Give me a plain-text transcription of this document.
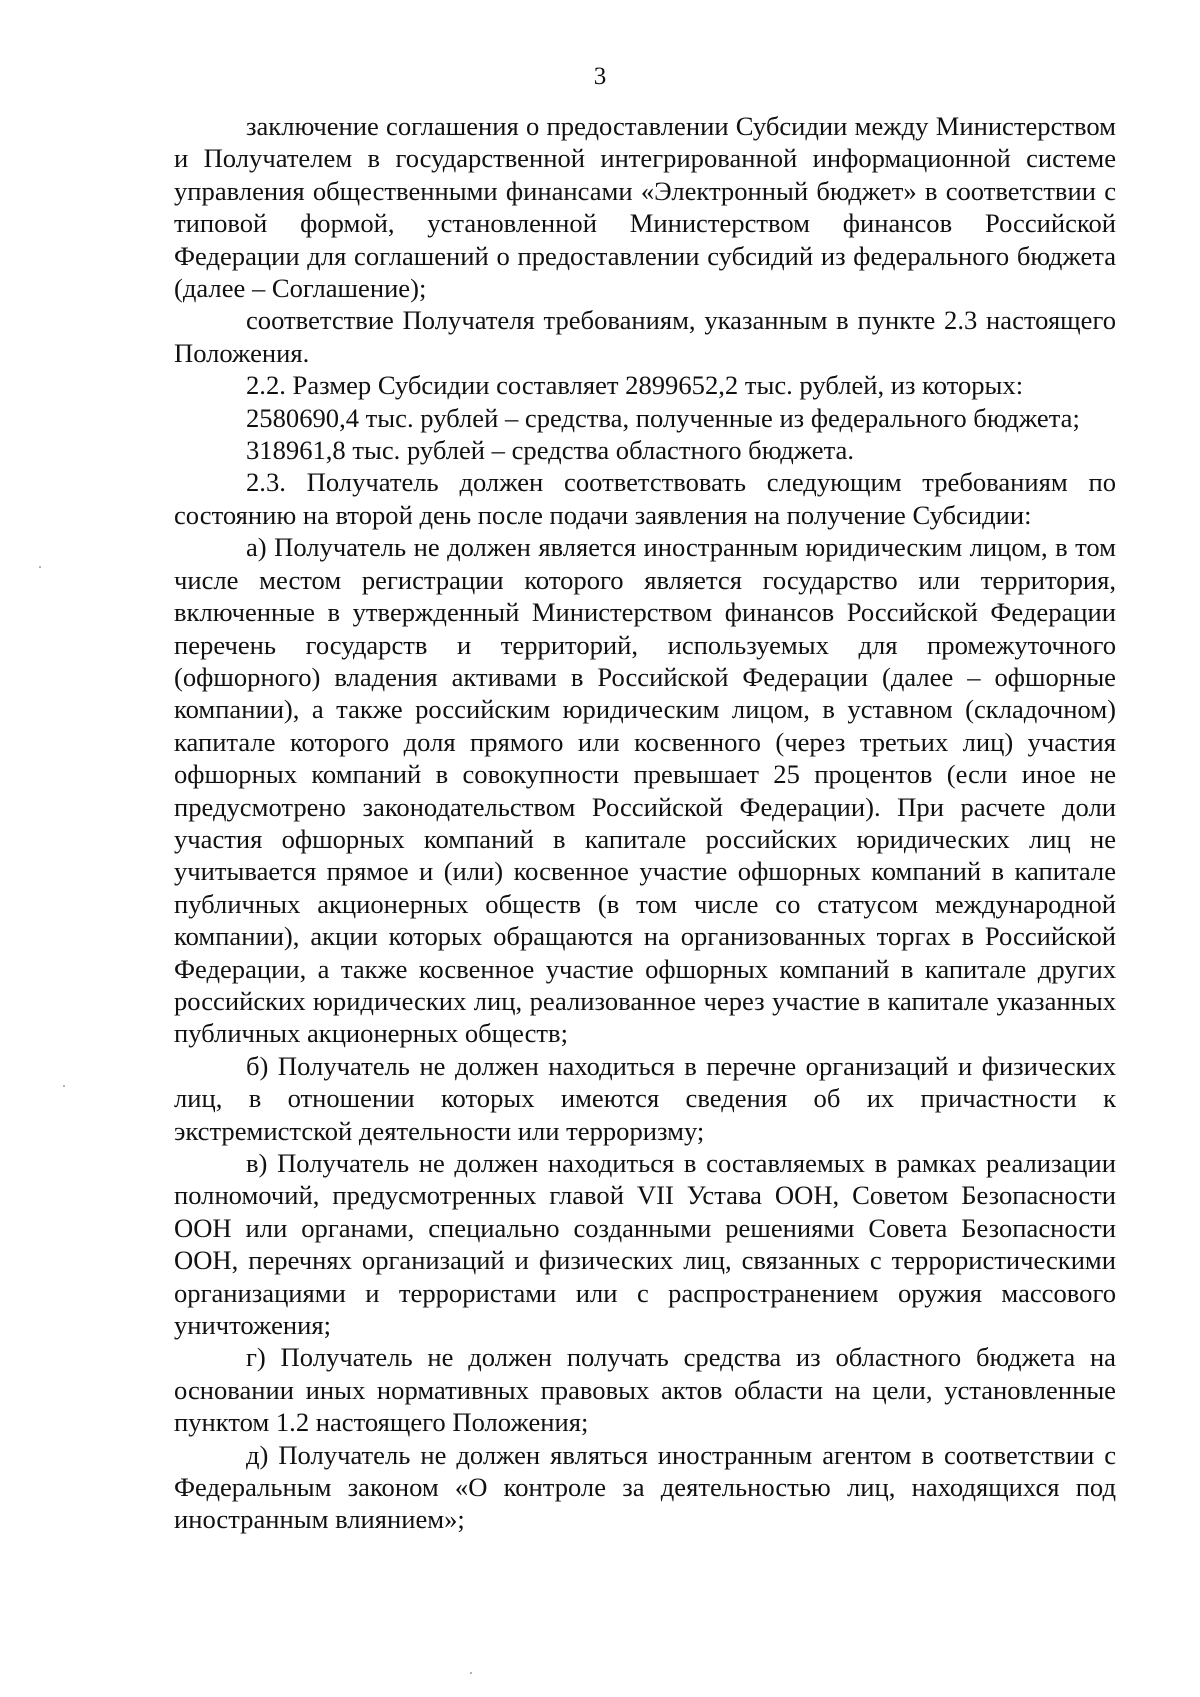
3

заключение соглашения о предоставлении Субсидии между Министерством и Получателем в государственной интегрированной информационной системе управления общественными финансами «Электронный бюджет» в соответствии с типовой формой, установленной Министерством финансов Российской Федерации для соглашений о предоставлении субсидий из федерального бюджета (далее – Соглашение);

соответствие Получателя требованиям, указанным в пункте 2.3 настоящего Положения.

2.2. Размер Субсидии составляет 2899652,2 тыс. рублей, из которых:

2580690,4 тыс. рублей – средства, полученные из федерального бюджета;

318961,8 тыс. рублей – средства областного бюджета.

2.3. Получатель должен соответствовать следующим требованиям по состоянию на второй день после подачи заявления на получение Субсидии:

а) Получатель не должен является иностранным юридическим лицом, в том числе местом регистрации которого является государство или территория, включенные в утвержденный Министерством финансов Российской Федерации перечень государств и территорий, используемых для промежуточного (офшорного) владения активами в Российской Федерации (далее – офшорные компании), а также российским юридическим лицом, в уставном (складочном) капитале которого доля прямого или косвенного (через третьих лиц) участия офшорных компаний в совокупности превышает 25 процентов (если иное не предусмотрено законодательством Российской Федерации). При расчете доли участия офшорных компаний в капитале российских юридических лиц не учитывается прямое и (или) косвенное участие офшорных компаний в капитале публичных акционерных обществ (в том числе со статусом международной компании), акции которых обращаются на организованных торгах в Российской Федерации, а также косвенное участие офшорных компаний в капитале других российских юридических лиц, реализованное через участие в капитале указанных публичных акционерных обществ;

б) Получатель не должен находиться в перечне организаций и физических лиц, в отношении которых имеются сведения об их причастности к экстремистской деятельности или терроризму;

в) Получатель не должен находиться в составляемых в рамках реализации полномочий, предусмотренных главой VII Устава ООН, Советом Безопасности ООН или органами, специально созданными решениями Совета Безопасности ООН, перечнях организаций и физических лиц, связанных с террористическими организациями и террористами или с распространением оружия массового уничтожения;

г) Получатель не должен получать средства из областного бюджета на основании иных нормативных правовых актов области на цели, установленные пунктом 1.2 настоящего Положения;

д) Получатель не должен являться иностранным агентом в соответствии с Федеральным законом «О контроле за деятельностью лиц, находящихся под иностранным влиянием»;
